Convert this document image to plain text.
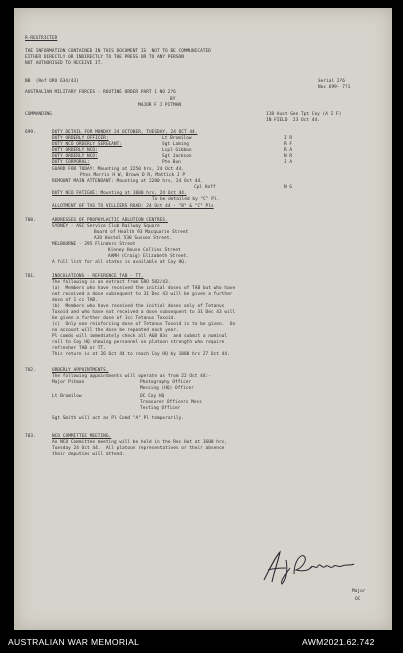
R-RESTRICTED
THE INFORMATION CONTAINED IN THIS DOCUMENT IS  NOT TO BE COMMUNICATED
EITHER DIRECTLY OR INDIRECTLY TO THE PRESS OR TO ANY PERSON
NOT AUTHORISED TO RECEIVE IT.
NB  (Ref ORO 634/43)	Serial 2?6
Nos 699- 7?1
AUSTRALIAN MILITARY FORCES - ROUTINE ORDER PART 1 NO 2?6
BY
MAJOR F J PITMAN
COMMANDING	118 Aust Gen Tpt Coy (A I F)
IN FIELD  23 Oct 44.
699.	DUTY DETAIL FOR MONDAY 24 OCTOBER, TUESDAY, 24 OCT 44.
DUTY ORDERLY OFFICER:	Lt Bromilow	I R
DUTY NCO ORDERLY SERGEANT:	Sgt Laming	R F
DUTY ORDERLY NCO:	Lcpl Gibbon	R A
DUTY ORDERLY NCO:	Sgt Jackson	N R
DUTY CORPORAL:	Pte Bun	J A
GUARD FOR TODAY: Mounting at 2250 hrs, 24 Oct 44.
Ptes Morris H W, Brown D R, Mattick J P
REMOUNT MAIN ATTENDANT: Mounting at 2200 hrs, 24 Oct 44.
Cpl Hoff	N G
DUTY NCO FATIGUE: Mounting at 1000 hrs, 24 Oct 44.
To be detailed by "C" Pl.
ALLOTMENT OF TAS TO VILLIERS ROAD: 24 Oct 44 - "B" & "C" Pls
700.	ADDRESSES OF PROPHYLACTIC ABLUTION CENTRES.
SYDNEY - ASC Service Club Railway Square
Board of Health 93 Macquarie Street
AJO Hostel 530 Sussex Street.
MELBOURNE - 295 Flinders Street
Kinney House Collins Street
AAMH (Craig) Elizabeth Street.
A full list for all states is available at Coy HQ.
701.	INOCULATIONS - REFERENCE TAB - TT.
The following is an extract from GRO 582/43.
(a)  Members who have received the initial doses of TAB but who have
not received a dose subsequent to 31 Dec 43 will be given a further
dose of 1 cc TAB.
(b)  Members who have received the initial doses only of Tetanus
Toxoid and who have not received a dose subsequent to 31 Dec 43 will
be given a further dose of 1cc Tetanus Toxoid.
(c)  Only one reinforcing dose of Tetanus Toxoid is to be given.  On
no account will the dose be repeated each year.
Pl comds will immediately check all A&B 83s  and submit a nominal
roll to Coy HQ showing personnel on platoon strength who require
refresher TAB or TT.
This return is at 26 Oct 44 to reach Coy HQ by 1000 hrs 27 Oct 44.
702.	ORDERLY APPOINTMENTS.
The following appointments will operate as from 22 Oct 44:-
Major Pitman	Photography Officer
Messing (HQ) Officer
Lt Bromilow	OC Coy HQ
Treasurer Officers Mess
Testing Officer
Sgt Smith will act as Pl Comd "A" Pl temporarily.
703.	NCO COMMITTEE MEETING.
An NCO Committee meeting will be held in the Rec Hut at 1600 hrs,
Tuesday 24 Oct 44.  All platoon representatives or their absence
their deputies will attend.
Major
OC
AUSTRALIAN WAR MEMORIAL	AWM2021.62.742
